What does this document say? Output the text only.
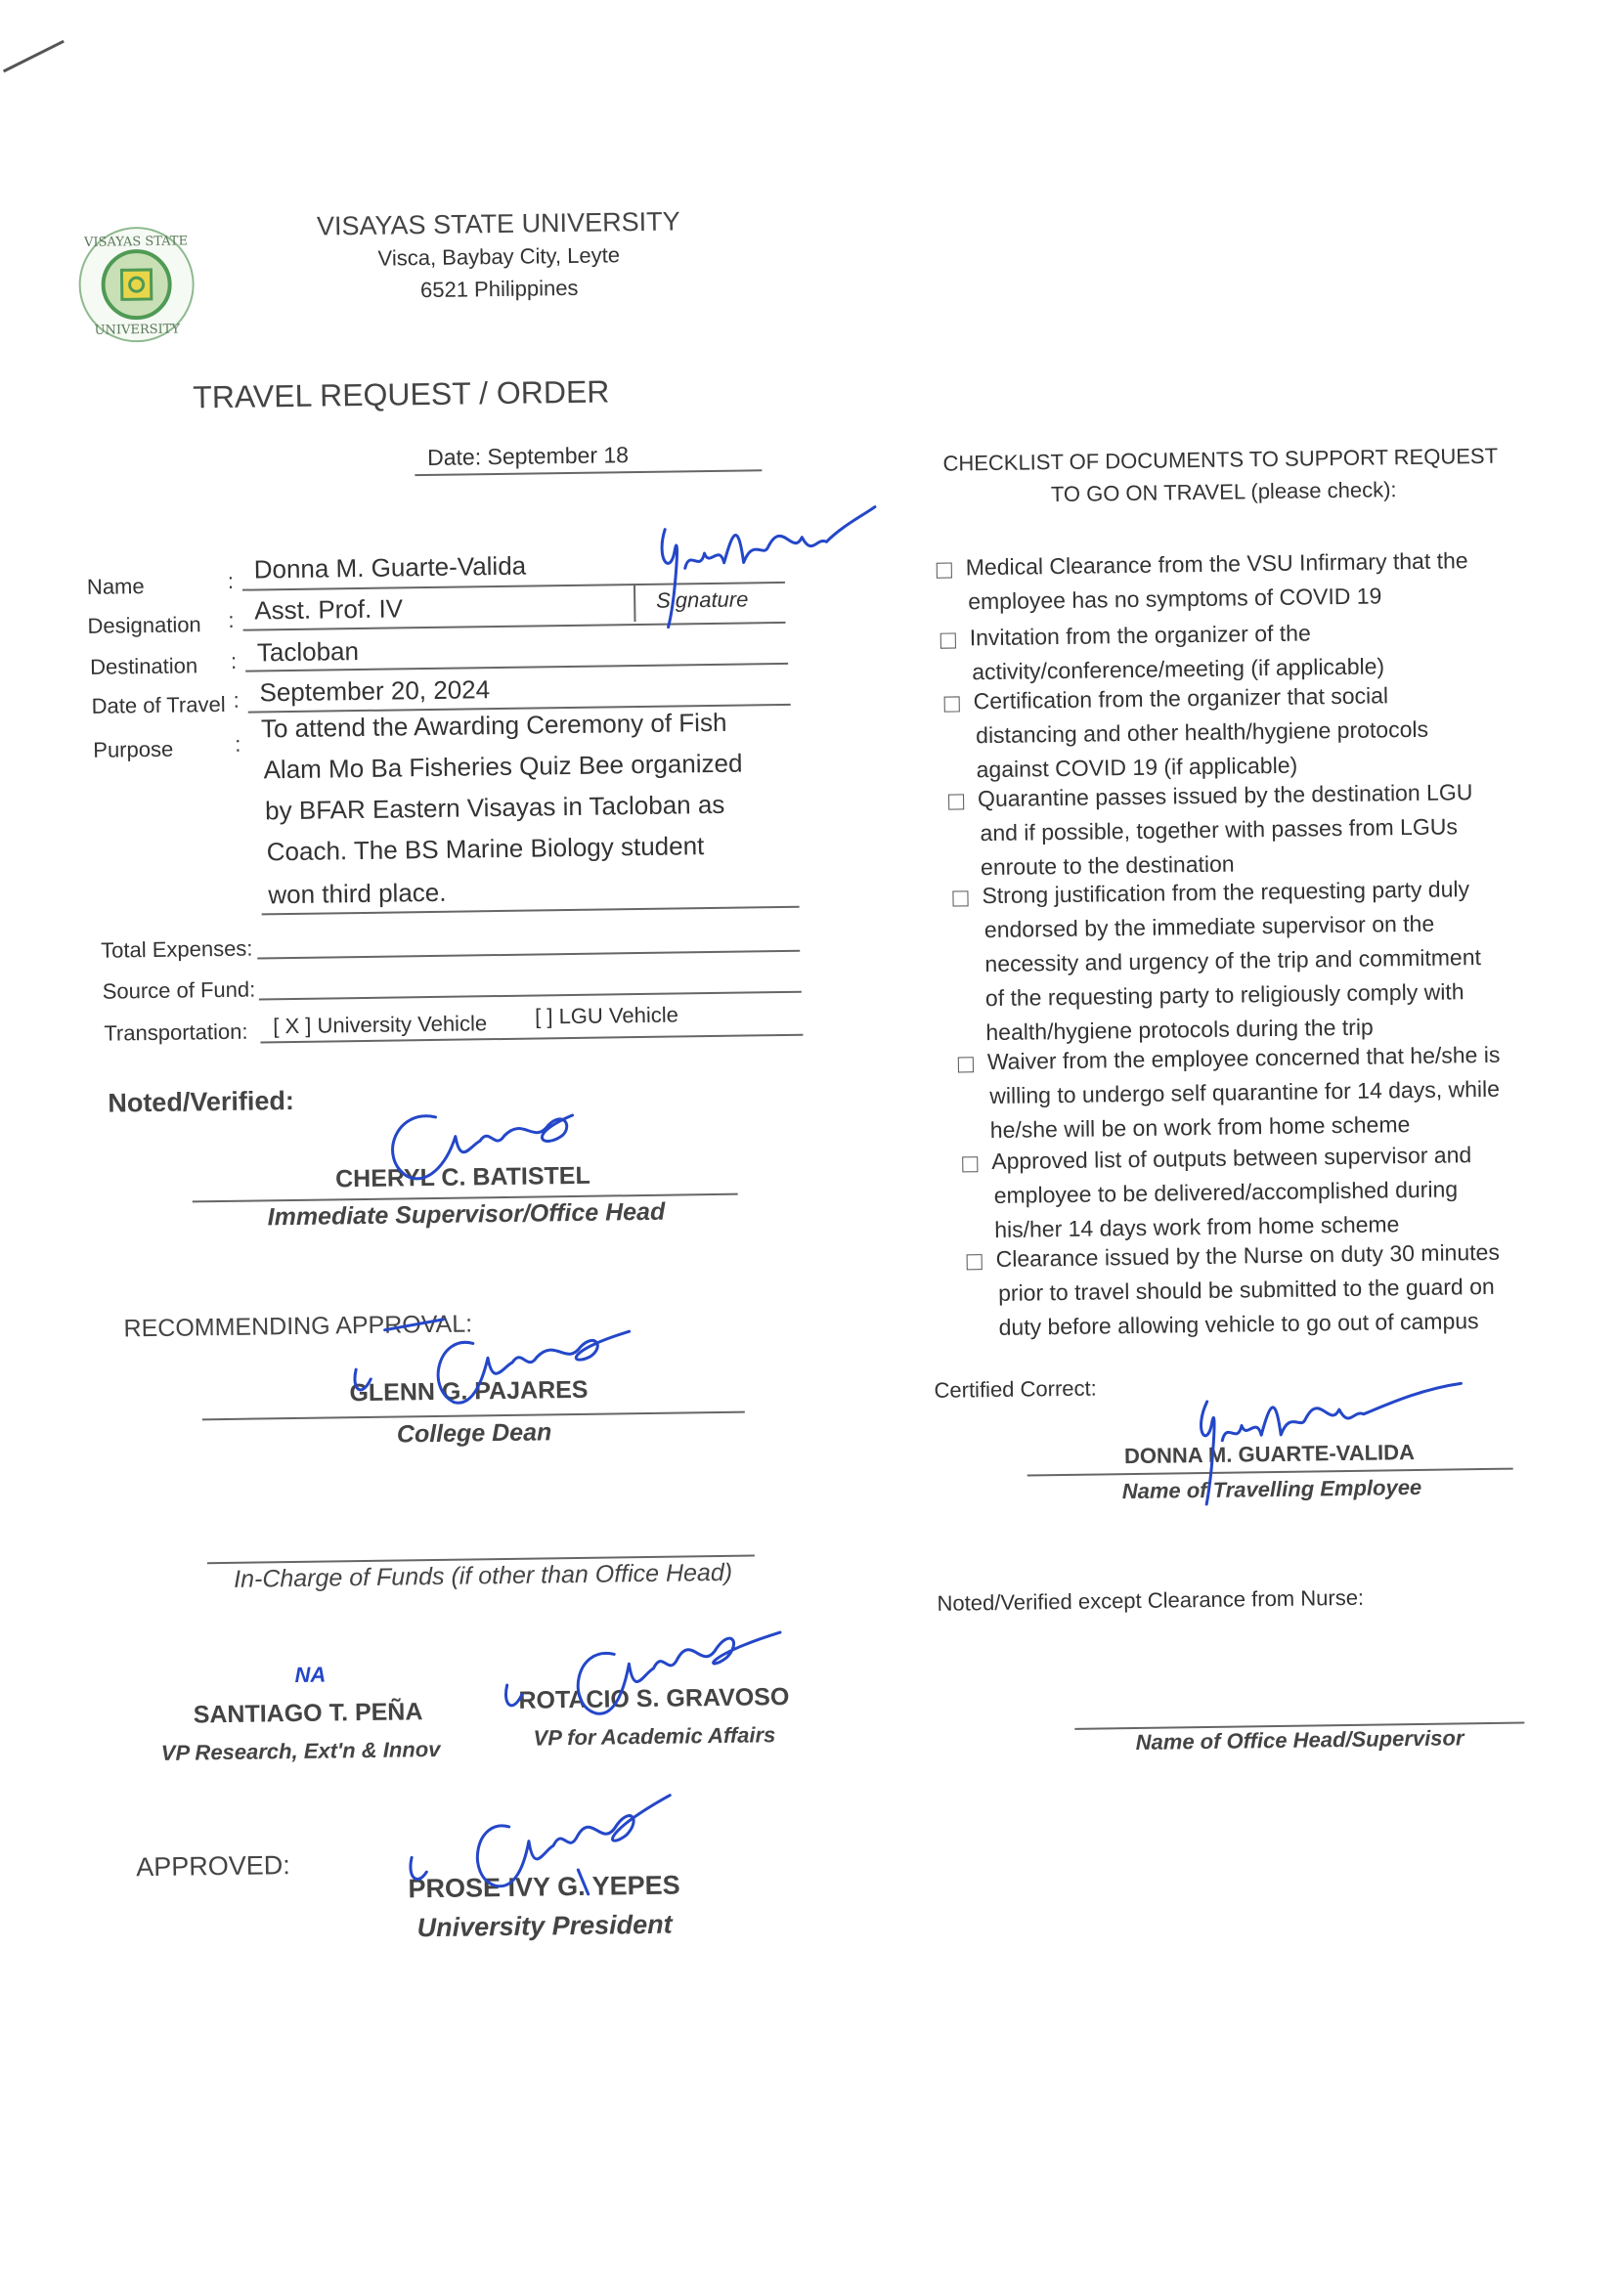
VISAYAS STATE
UNIVERSITY
VISAYAS STATE UNIVERSITY
Visca, Baybay City, Leyte
6521 Philippines
TRAVEL REQUEST / ORDER
Date: September 18
Name	: Donna M. Guarte-Valida
Signature
Designation : Asst. Prof. IV
Destination : Tacloban
Date of Travel : September 20, 2024
Purpose	:
To attend the Awarding Ceremony of Fish
Alam Mo Ba Fisheries Quiz Bee organized
by BFAR Eastern Visayas in Tacloban as
Coach. The BS Marine Biology student
won third place.
Total Expenses:
Source of Fund:
Transportation: [ X ] University Vehicle [ ] LGU Vehicle
Noted/Verified:
CHERYL C. BATISTEL
Immediate Supervisor/Office Head
RECOMMENDING APPROVAL:
GLENN G. PAJARES
College Dean
In-Charge of Funds (if other than Office Head)
NA
SANTIAGO T. PEÑA
VP Research, Ext'n & Innov
ROTACIO S. GRAVOSO
VP for Academic Affairs
APPROVED:
PROSE IVY G. YEPES
University President
CHECKLIST OF DOCUMENTS TO SUPPORT REQUEST
TO GO ON TRAVEL (please check):
Medical Clearance from the VSU Infirmary that the
employee has no symptoms of COVID 19
Invitation from the organizer of the
activity/conference/meeting (if applicable)
Certification from the organizer that social
distancing and other health/hygiene protocols
against COVID 19 (if applicable)
Quarantine passes issued by the destination LGU
and if possible, together with passes from LGUs
enroute to the destination
Strong justification from the requesting party duly
endorsed by the immediate supervisor on the
necessity and urgency of the trip and commitment
of the requesting party to religiously comply with
health/hygiene protocols during the trip
Waiver from the employee concerned that he/she is
willing to undergo self quarantine for 14 days, while
he/she will be on work from home scheme
Approved list of outputs between supervisor and
employee to be delivered/accomplished during
his/her 14 days work from home scheme
Clearance issued by the Nurse on duty 30 minutes
prior to travel should be submitted to the guard on
duty before allowing vehicle to go out of campus
Certified Correct:
DONNA M. GUARTE-VALIDA
Name of Travelling Employee
Noted/Verified except Clearance from Nurse:
Name of Office Head/Supervisor
